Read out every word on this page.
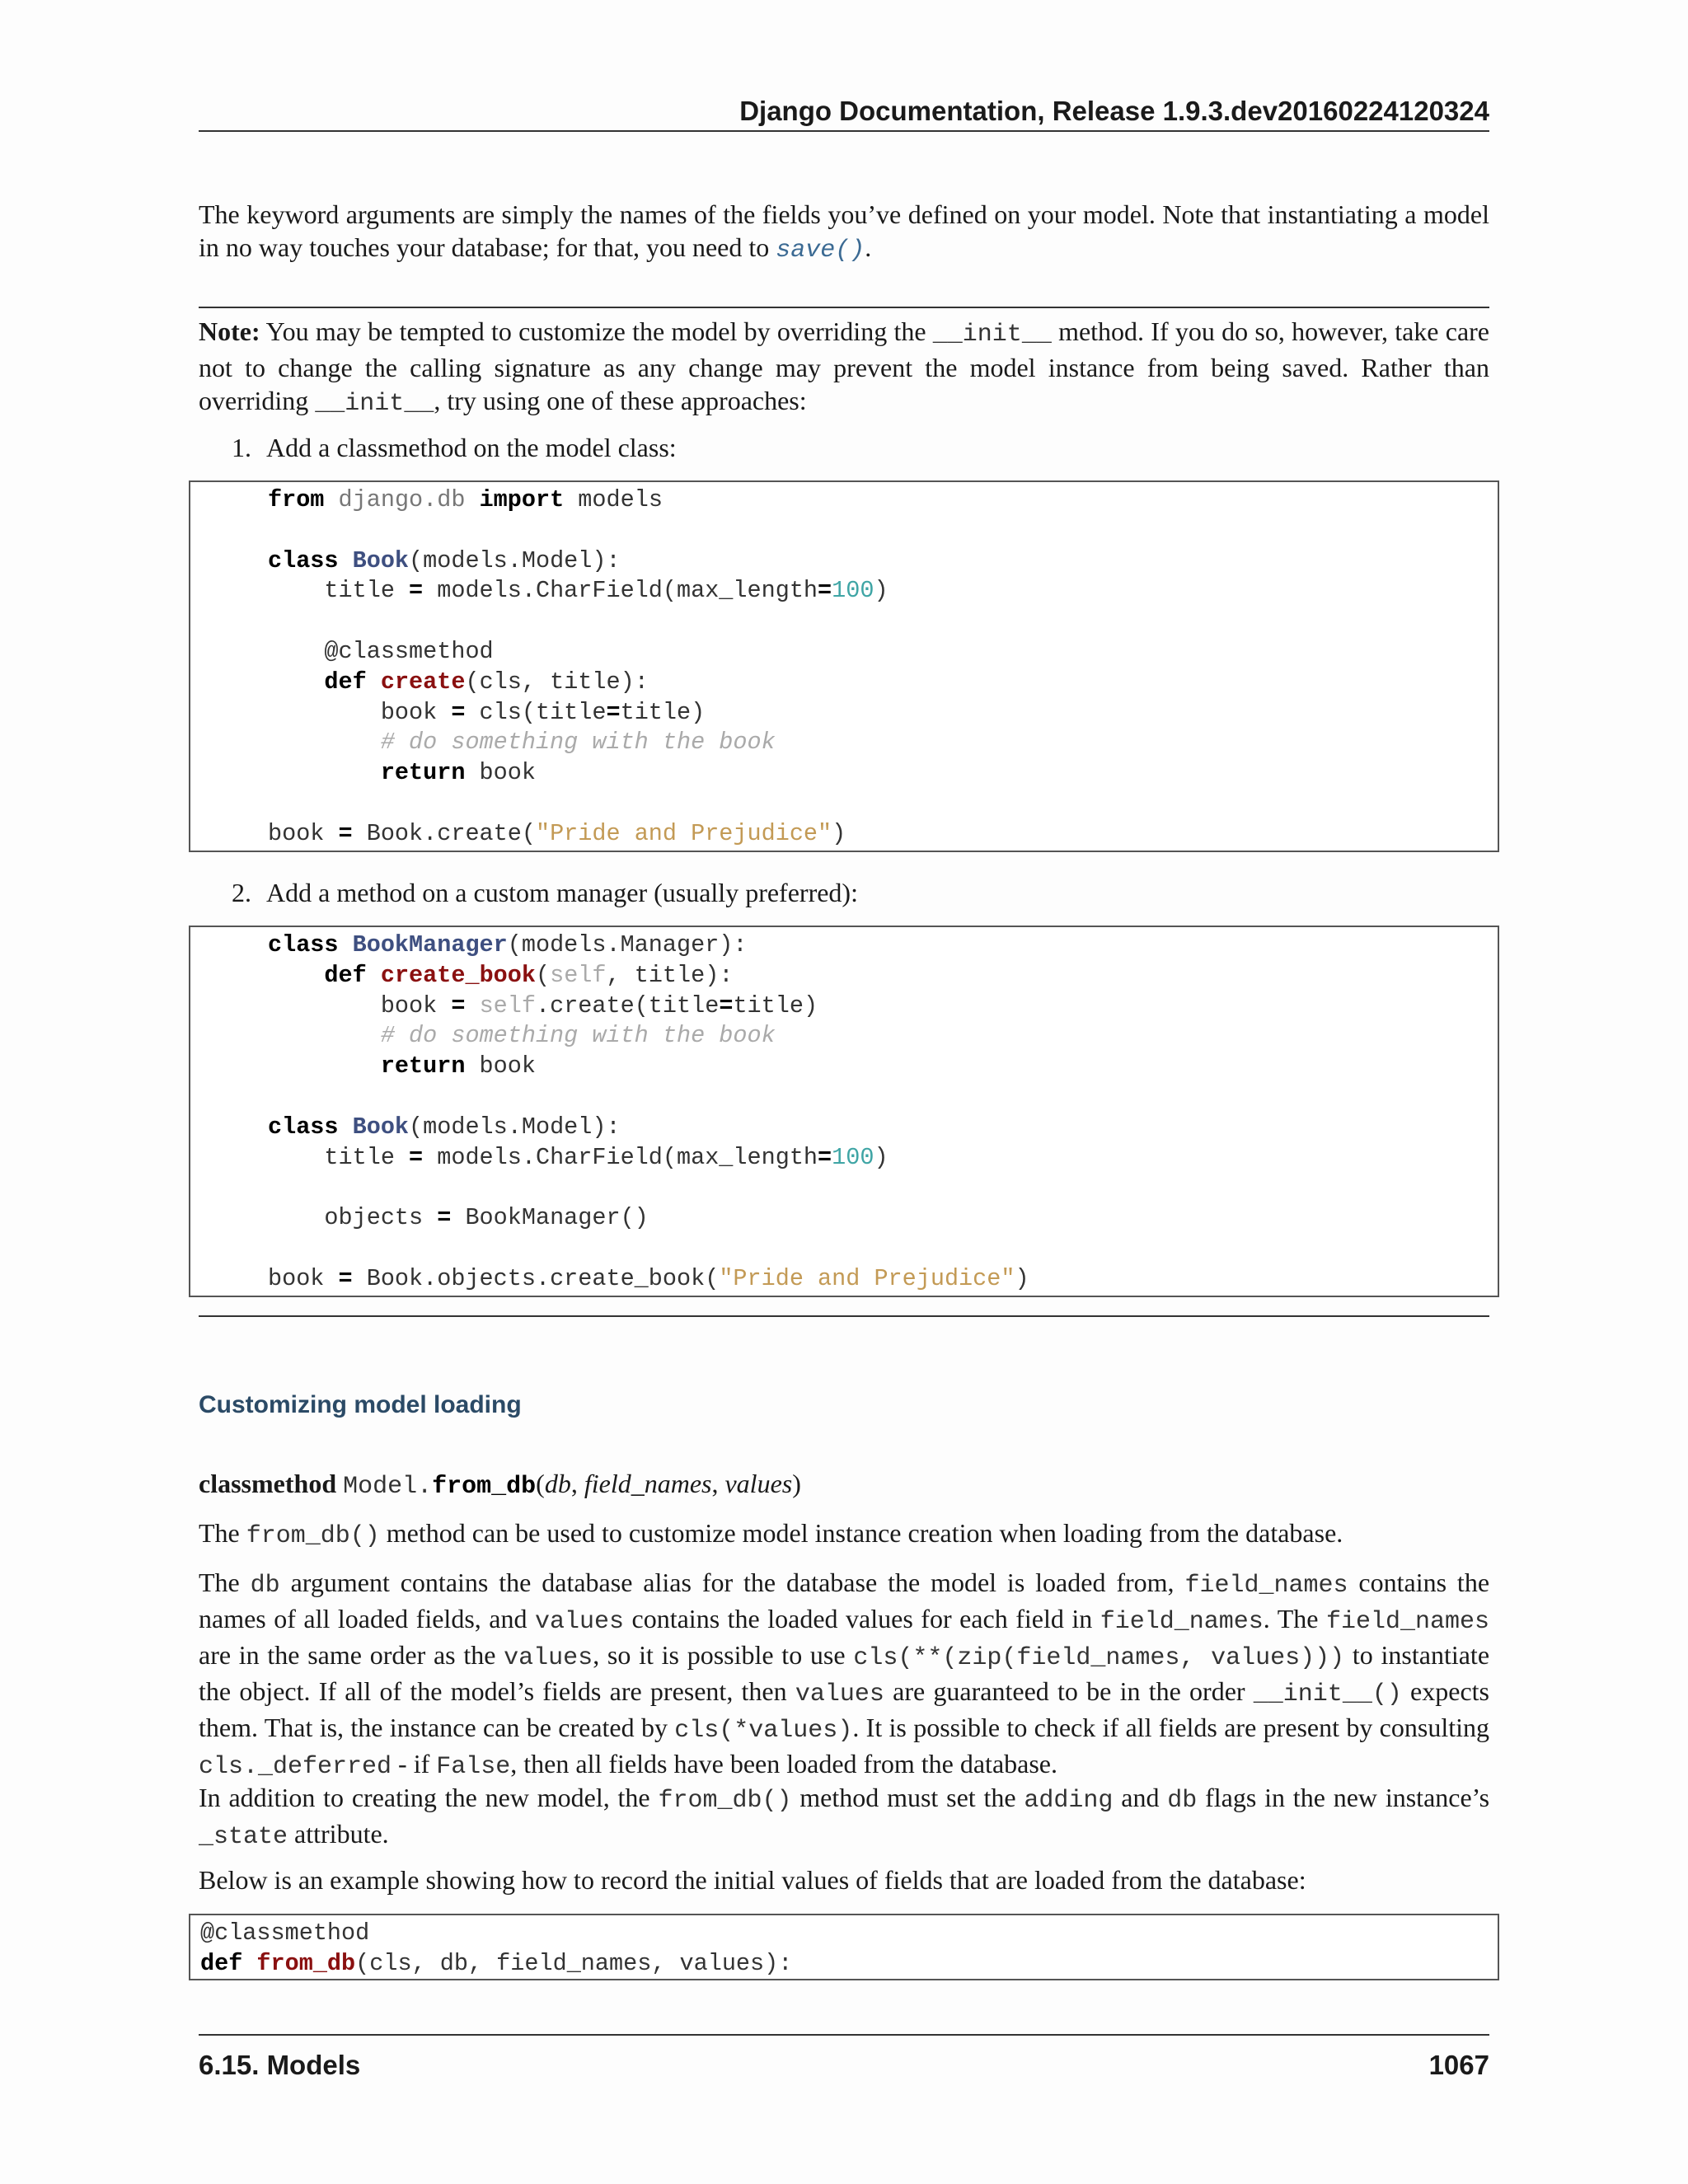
Django Documentation, Release 1.9.3.dev20160224120324

The keyword arguments are simply the names of the fields you’ve defined on your model. Note that instantiating a model in no way touches your database; for that, you need to save().

Note: You may be tempted to customize the model by overriding the __init__ method. If you do so, however, take care not to change the calling signature as any change may prevent the model instance from being saved. Rather than overriding __init__, try using one of these approaches:

1. Add a classmethod on the model class:
from django.db import models

class Book(models.Model):
title = models.CharField(max_length=100)

@classmethod
def create(cls, title):
book = cls(title=title)
# do something with the book
return book

book = Book.create("Pride and Prejudice")
2. Add a method on a custom manager (usually preferred):
class BookManager(models.Manager):
def create_book(self, title):
book = self.create(title=title)
# do something with the book
return book

class Book(models.Model):
title = models.CharField(max_length=100)

objects = BookManager()

book = Book.objects.create_book("Pride and Prejudice")
Customizing model loading
classmethod Model.from_db(db, field_names, values)

The from_db() method can be used to customize model instance creation when loading from the database.

The db argument contains the database alias for the database the model is loaded from, field_names contains the names of all loaded fields, and values contains the loaded values for each field in field_names. The field_names are in the same order as the values, so it is possible to use cls(**(zip(field_names, values))) to instantiate the object. If all of the model’s fields are present, then values are guaranteed to be in the order __init__() expects them. That is, the instance can be created by cls(*values). It is possible to check if all fields are present by consulting cls._deferred - if False, then all fields have been loaded from the database.

In addition to creating the new model, the from_db() method must set the adding and db flags in the new instance’s _state attribute.

Below is an example showing how to record the initial values of fields that are loaded from the database:

@classmethod
def from_db(cls, db, field_names, values):
6.15. Models	1067
